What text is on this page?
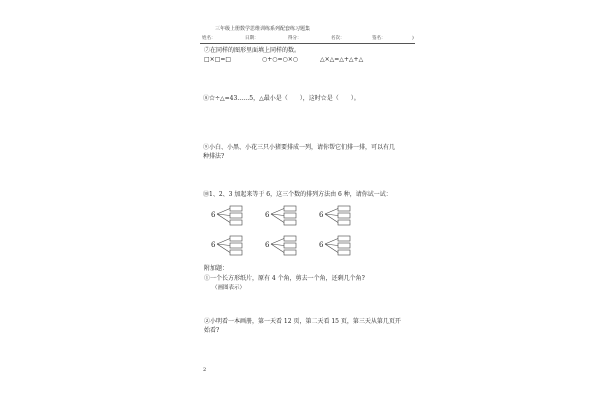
三年级上册数学思维训练系列配套练习题集
姓名：	日期：	得分：	名次：	签名：	)
⑦在同样的图形里面填上同样的数。
□×□=□	○+○=○×○	△×△=△+△+△
⑧☆÷△=43……5，△最小是（　　），这时☆是（　　）。
⑨小白、小黑、小花三只小猪要排成一列，请你帮它们排一排，可以有几
种排法?
⑩1、2、3 加起来等于 6，这三个数的排列方法由 6 种，请你试一试：
6	6
6	6	6
6
附加题：
①一个长方形纸片，原有 4 个角，剪去一个角，还剩几个角?
（画图表示）
②小明看一本画册，第一天看 12 页，第二天看 15 页，第三天从第几页开
始看?
2
